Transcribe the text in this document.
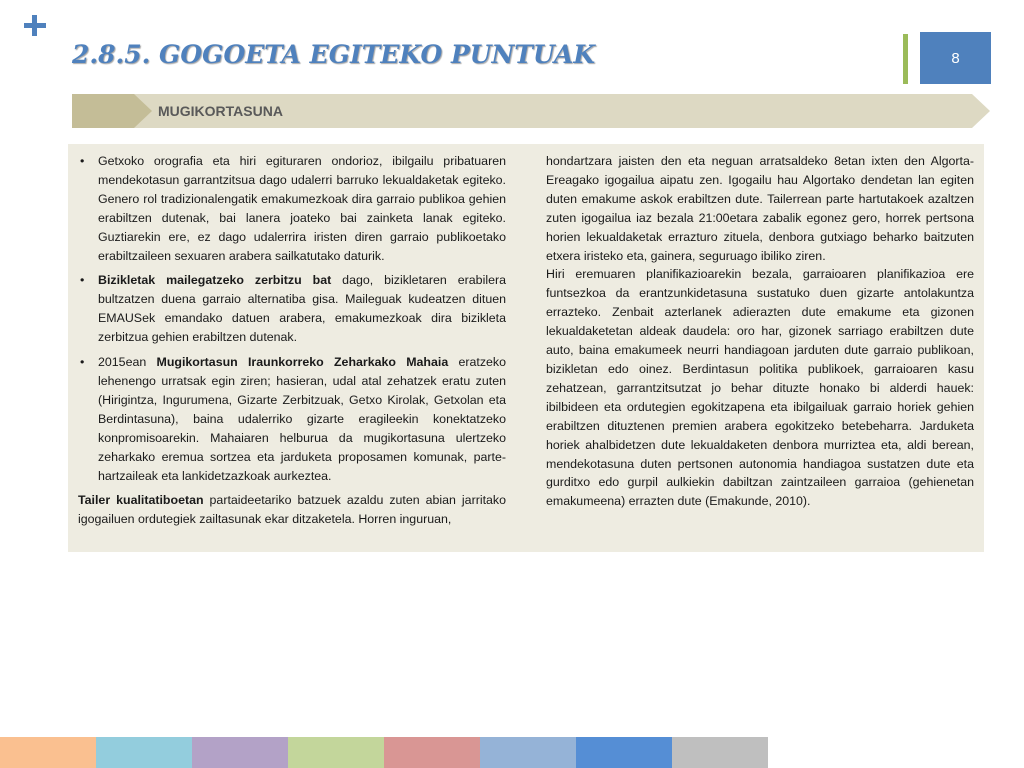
2.8.5. GOGOETA EGITEKO PUNTUAK	8
MUGIKORTASUNA

• Getxoko orografia eta hiri egituraren ondorioz, ibilgailu pribatuaren mendekotasun garrantzitsua dago udalerri barruko lekualdaketak egiteko. Genero rol tradizionalengatik emakumezkoak dira garraio publikoa gehien erabiltzen dutenak, bai lanera joateko bai zainketa lanak egiteko. Guztiarekin ere, ez dago udalerrira iristen diren garraio publikoetako erabiltzaileen sexuaren arabera sailkatutako daturik.

• Bizikletak mailegatzeko zerbitzu bat dago, bizikletaren erabilera bultzatzen duena garraio alternatiba gisa. Maileguak kudeatzen dituen EMAUSek emandako datuen arabera, emakumezkoak dira bizikleta zerbitzua gehien erabiltzen dutenak.

• 2015ean Mugikortasun Iraunkorreko Zeharkako Mahaia eratzeko lehenengo urratsak egin ziren; hasieran, udal atal zehatzek eratu zuten (Hirigintza, Ingurumena, Gizarte Zerbitzuak, Getxo Kirolak, Getxolan eta Berdintasuna), baina udalerriko gizarte eragileekin konektatzeko konpromisoarekin. Mahaiaren helburua da mugikortasuna ulertzeko zeharkako eremua sortzea eta jarduketa proposamen komunak, parte-hartzaileak eta lankidetzazkoak aurkeztea.

Tailer kualitatiboetan partaideetariko batzuek azaldu zuten abian jarritako igogailuen ordutegiek zailtasunak ekar ditzaketela. Horren inguruan,

hondartzara jaisten den eta neguan arratsaldeko 8etan ixten den Algorta-Ereagako igogailua aipatu zen. Igogailu hau Algortako dendetan lan egiten duten emakume askok erabiltzen dute. Tailerrean parte hartutakoek azaltzen zuten igogailua iaz bezala 21:00etara zabalik egonez gero, horrek pertsona horien lekualdaketak errazturo zituela, denbora gutxiago beharko baitzuten etxera iristeko eta, gainera, seguruago ibiliko ziren.

Hiri eremuaren planifikazioarekin bezala, garraioaren planifikazioa ere funtsezkoa da erantzunkidetasuna sustatuko duen gizarte antolakuntza errazteko. Zenbait azterlanek adierazten dute emakume eta gizonen lekualdaketetan aldeak daudela: oro har, gizonek sarriago erabiltzen dute auto, baina emakumeek neurri handiagoan jarduten dute garraio publikoan, bizikletan edo oinez. Berdintasun politika publikoek, garraioaren kasu zehatzean, garrantzitsutzat jo behar dituzte honako bi alderdi hauek: ibilbideen eta ordutegien egokitzapena eta ibilgailuak garraio horiek gehien erabiltzen dituztenen premien arabera egokitzeko betebeharra. Jarduketa horiek ahalbidetzen dute lekualdaketen denbora murriztea eta, aldi berean, mendekotasuna duten pertsonen autonomia handiagoa sustatzen dute eta gurditxo edo gurpil aulkiekin dabiltzan zaintzaileen garraioa (gehienetan emakumeena) errazten dute (Emakunde, 2010).
